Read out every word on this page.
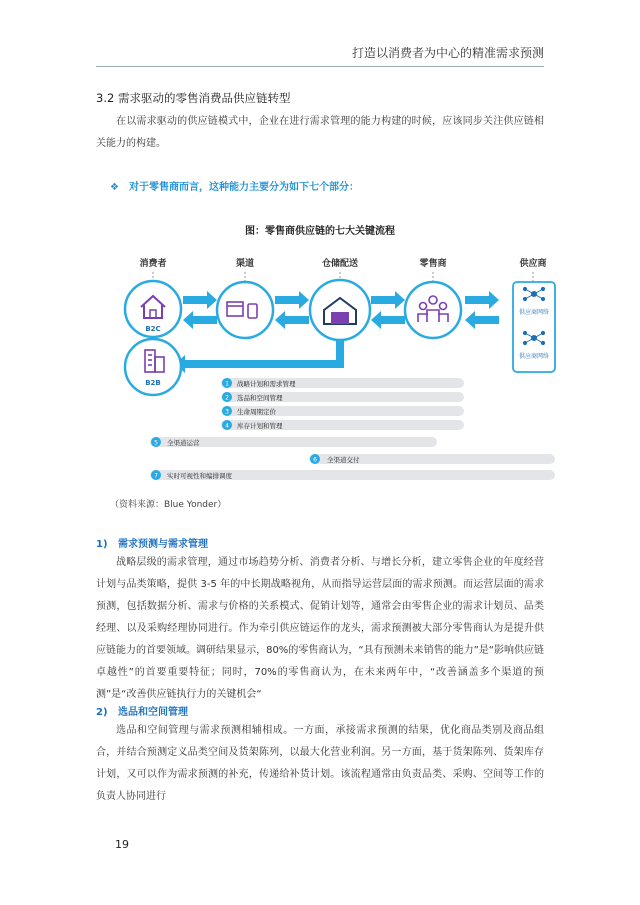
打造以消费者为中心的精准需求预测
3.2 需求驱动的零售消费品供应链转型
在以需求驱动的供应链模式中，企业在进行需求管理的能力构建的时候，应该同步关注供应链相关能力的构建。
❖ 对于零售商而言，这种能力主要分为如下七个部分：
图：零售商供应链的七大关键流程
消费者	渠道	仓储配送	零售商	供应商
B2C
B2B
供应商网络
供应商网络
1 战略计划和需求管理
2 选品和空间管理
3 生命周期定价
4 库存计划和管理
5 全渠道运营
6 全渠道交付
7 实时可视性和编排调度
（资料来源：Blue Yonder）
1) 需求预测与需求管理
战略层级的需求管理，通过市场趋势分析、消费者分析、与增长分析，建立零售企业的年度经营计划与品类策略，提供 3-5 年的中长期战略视角，从而指导运营层面的需求预测。而运营层面的需求预测，包括数据分析、需求与价格的关系模式、促销计划等，通常会由零售企业的需求计划员、品类经理、以及采购经理协同进行。作为牵引供应链运作的龙头，需求预测被大部分零售商认为是提升供应链能力的首要领域。调研结果显示，80%的零售商认为，“具有预测未来销售的能力”是“影响供应链卓越性”的首要重要特征；同时，70%的零售商认为，在未来两年中，“改善涵盖多个渠道的预测”是“改善供应链执行力的关键机会“
2) 选品和空间管理
选品和空间管理与需求预测相辅相成。一方面，承接需求预测的结果，优化商品类别及商品组合，并结合预测定义品类空间及货架陈列，以最大化营业利润。另一方面，基于货架陈列、货架库存计划，又可以作为需求预测的补充，传递给补货计划。该流程通常由负责品类、采购、空间等工作的负责人协同进行
19
